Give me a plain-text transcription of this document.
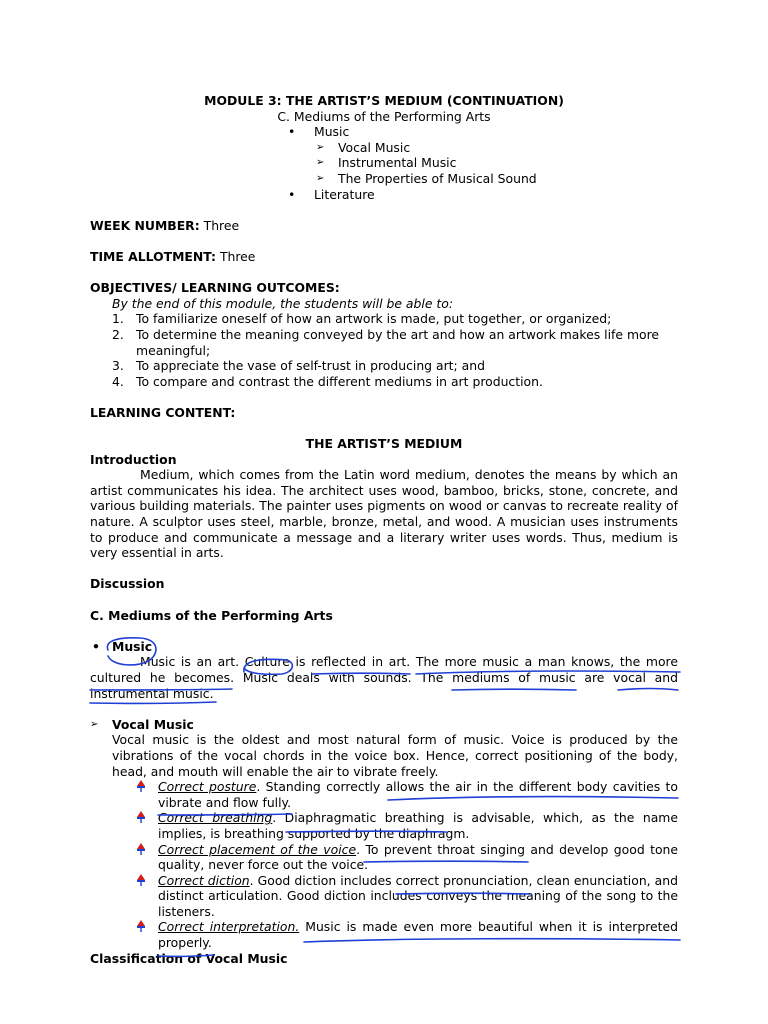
MODULE 3: THE ARTIST’S MEDIUM (CONTINUATION)
C. Mediums of the Performing Arts
• Music
➢ Vocal Music
➢ Instrumental Music
➢ The Properties of Musical Sound
• Literature
WEEK NUMBER: Three
TIME ALLOTMENT: Three
OBJECTIVES/ LEARNING OUTCOMES:
By the end of this module, the students will be able to:
1. To familiarize oneself of how an artwork is made, put together, or organized;
2. To determine the meaning conveyed by the art and how an artwork makes life more meaningful;
3. To appreciate the vase of self-trust in producing art; and
4. To compare and contrast the different mediums in art production.
LEARNING CONTENT:
THE ARTIST’S MEDIUM
Introduction
Medium, which comes from the Latin word medium, denotes the means by which an artist communicates his idea. The architect uses wood, bamboo, bricks, stone, concrete, and various building materials. The painter uses pigments on wood or canvas to recreate reality of nature. A sculptor uses steel, marble, bronze, metal, and wood. A musician uses instruments to produce and communicate a message and a literary writer uses words. Thus, medium is very essential in arts.
Discussion
C. Mediums of the Performing Arts
• Music
Music is an art. Culture is reflected in art. The more music a man knows, the more cultured he becomes. Music deals with sounds. The mediums of music are vocal and instrumental music.
➢ Vocal Music
Vocal music is the oldest and most natural form of music. Voice is produced by the vibrations of the vocal chords in the voice box. Hence, correct positioning of the body, head, and mouth will enable the air to vibrate freely.
Correct posture. Standing correctly allows the air in the different body cavities to vibrate and flow fully.
Correct breathing. Diaphragmatic breathing is advisable, which, as the name implies, is breathing supported by the diaphragm.
Correct placement of the voice. To prevent throat singing and develop good tone quality, never force out the voice.
Correct diction. Good diction includes correct pronunciation, clean enunciation, and distinct articulation. Good diction includes conveys the meaning of the song to the listeners.
Correct interpretation. Music is made even more beautiful when it is interpreted properly.
Classification of Vocal Music
